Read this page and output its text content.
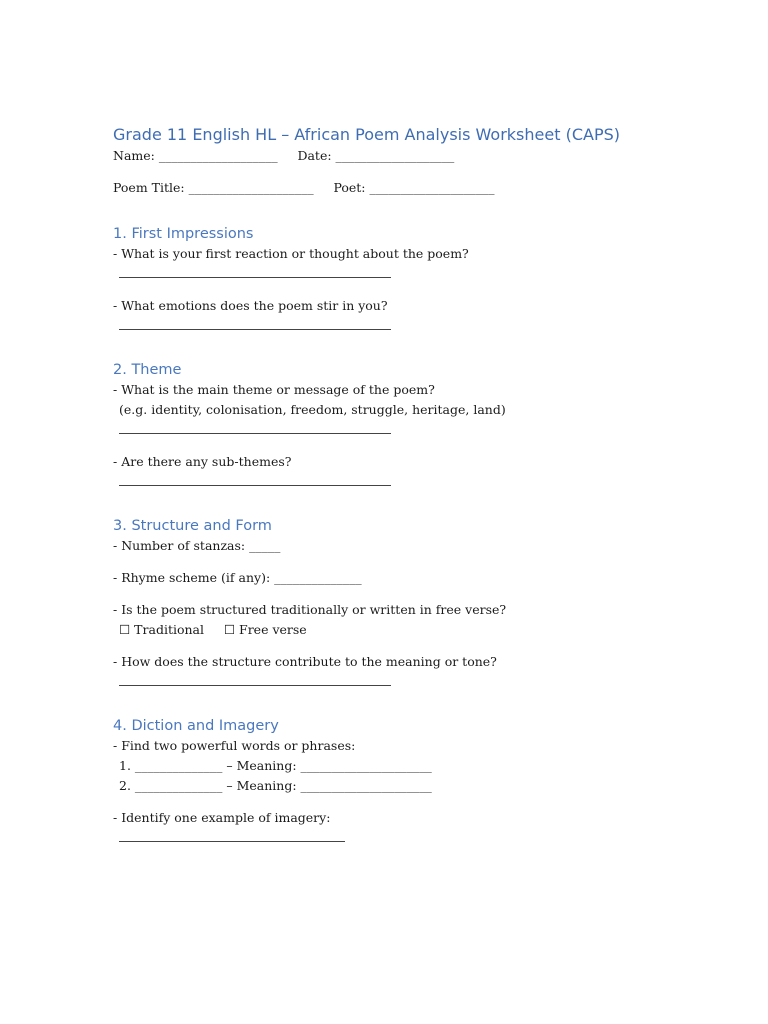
Grade 11 English HL – African Poem Analysis Worksheet (CAPS)

Name: ___________________     Date: ___________________

Poem Title: ____________________     Poet: ____________________

1. First Impressions

- What is your first reaction or thought about the poem?

- What emotions does the poem stir in you?

2. Theme

- What is the main theme or message of the poem?

(e.g. identity, colonisation, freedom, struggle, heritage, land)

- Are there any sub-themes?

3. Structure and Form

- Number of stanzas: _____

- Rhyme scheme (if any): ______________

- Is the poem structured traditionally or written in free verse?

☐ Traditional     ☐ Free verse

- How does the structure contribute to the meaning or tone?

4. Diction and Imagery

- Find two powerful words or phrases:

1. ______________ – Meaning: _____________________

2. ______________ – Meaning: _____________________

- Identify one example of imagery:
